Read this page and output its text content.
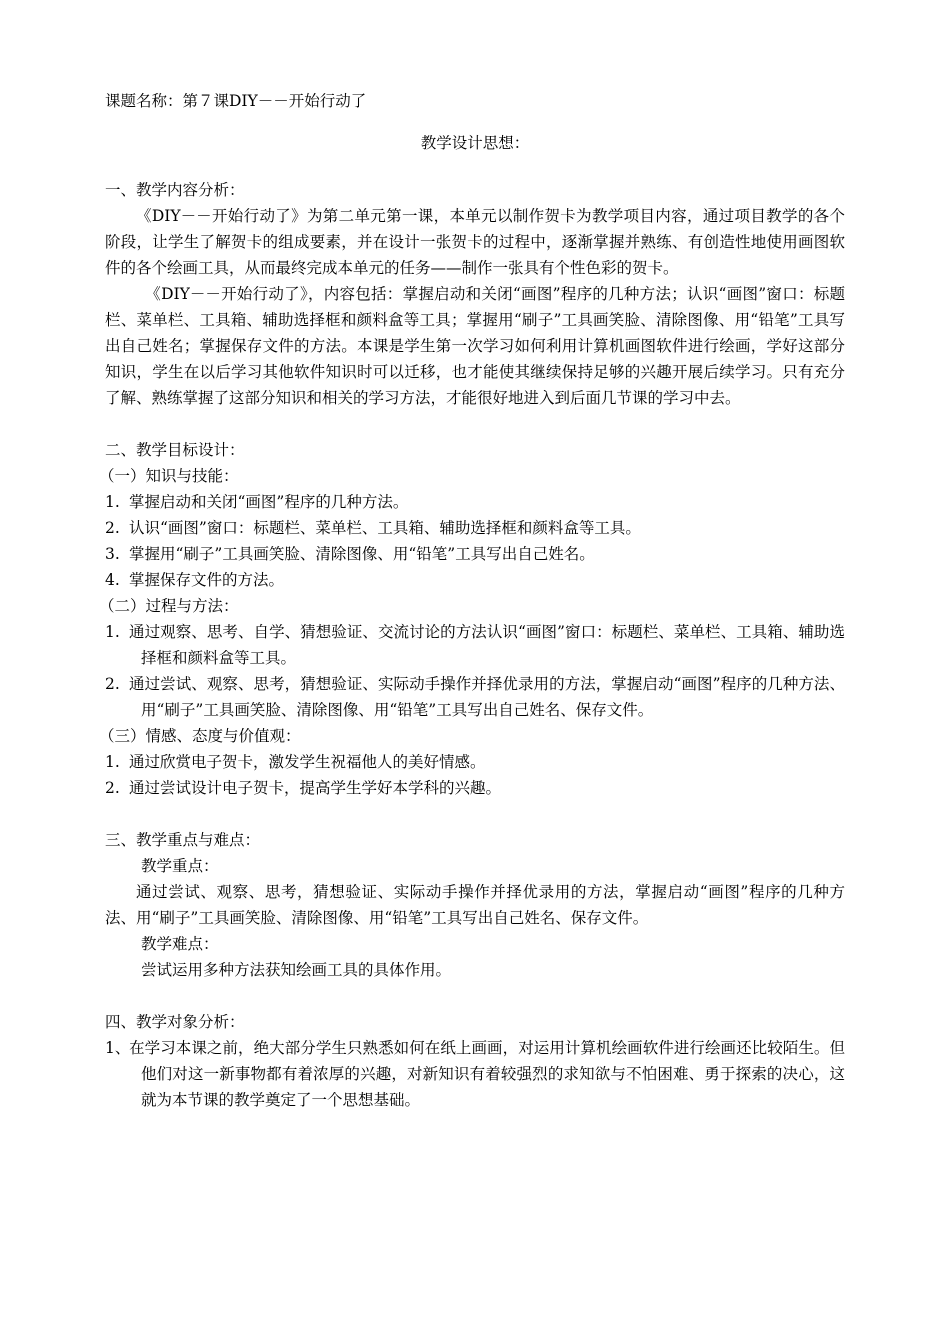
课题名称：第７课DIY－－开始行动了

教学设计思想：

一、教学内容分析：

《DIY－－开始行动了》为第二单元第一课，本单元以制作贺卡为教学项目内容，通过项目教学的各个阶段，让学生了解贺卡的组成要素，并在设计一张贺卡的过程中，逐渐掌握并熟练、有创造性地使用画图软件的各个绘画工具，从而最终完成本单元的任务——制作一张具有个性色彩的贺卡。

《DIY－－开始行动了》，内容包括：掌握启动和关闭“画图”程序的几种方法；认识“画图”窗口：标题栏、菜单栏、工具箱、辅助选择框和颜料盒等工具；掌握用“刷子”工具画笑脸、清除图像、用“铅笔”工具写出自己姓名；掌握保存文件的方法。本课是学生第一次学习如何利用计算机画图软件进行绘画，学好这部分知识，学生在以后学习其他软件知识时可以迁移，也才能使其继续保持足够的兴趣开展后续学习。只有充分了解、熟练掌握了这部分知识和相关的学习方法，才能很好地进入到后面几节课的学习中去。

二、教学目标设计：

（一）知识与技能：

1. 掌握启动和关闭“画图”程序的几种方法。

2. 认识“画图”窗口：标题栏、菜单栏、工具箱、辅助选择框和颜料盒等工具。

3. 掌握用“刷子”工具画笑脸、清除图像、用“铅笔”工具写出自己姓名。

4. 掌握保存文件的方法。

（二）过程与方法：

1. 通过观察、思考、自学、猜想验证、交流讨论的方法认识“画图”窗口：标题栏、菜单栏、工具箱、辅助选择框和颜料盒等工具。

2. 通过尝试、观察、思考，猜想验证、实际动手操作并择优录用的方法，掌握启动“画图”程序的几种方法、用“刷子”工具画笑脸、清除图像、用“铅笔”工具写出自己姓名、保存文件。

（三）情感、态度与价值观：

1. 通过欣赏电子贺卡，激发学生祝福他人的美好情感。

2. 通过尝试设计电子贺卡，提高学生学好本学科的兴趣。

三、教学重点与难点：

教学重点：

通过尝试、观察、思考，猜想验证、实际动手操作并择优录用的方法，掌握启动“画图”程序的几种方法、用“刷子”工具画笑脸、清除图像、用“铅笔”工具写出自己姓名、保存文件。

教学难点：

尝试运用多种方法获知绘画工具的具体作用。

四、教学对象分析：

1、在学习本课之前，绝大部分学生只熟悉如何在纸上画画，对运用计算机绘画软件进行绘画还比较陌生。但他们对这一新事物都有着浓厚的兴趣，对新知识有着较强烈的求知欲与不怕困难、勇于探索的决心，这就为本节课的教学奠定了一个思想基础。
